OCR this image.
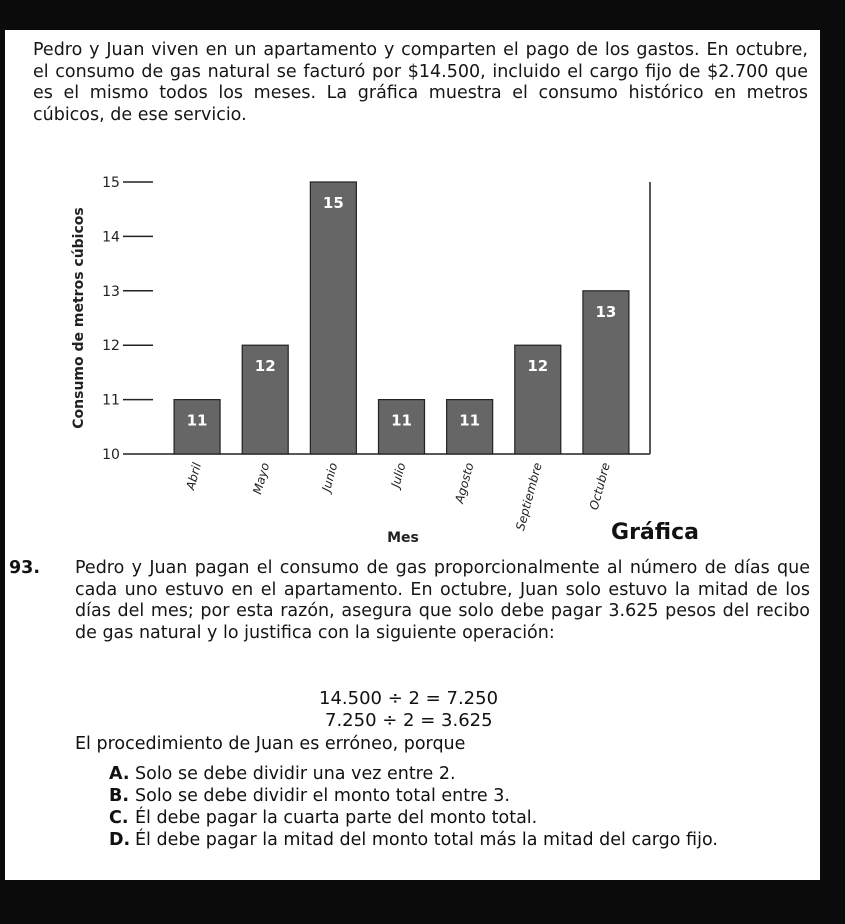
Pedro y Juan viven en un apartamento y comparten el pago de los gastos. En octubre, el consumo de gas natural se facturó por $14.500, incluido el cargo fijo de $2.700 que es el mismo todos los meses. La gráfica muestra el consumo histórico en metros cúbicos, de ese servicio.

10
11
12
13
14
15
Consumo de metros cúbicos	11
Abril
12
Mayo
15
Junio
11
Julio
11
Agosto
12
Septiembre
13
Octubre
Mes	Gráfica
93. Pedro y Juan pagan el consumo de gas proporcionalmente al número de días que cada uno estuvo en el apartamento. En octubre, Juan solo estuvo la mitad de los días del mes; por esta razón, asegura que solo debe pagar 3.625 pesos del recibo de gas natural y lo justifica con la siguiente operación:

14.500 ÷ 2 = 7.250
7.250 ÷ 2 = 3.625
El procedimiento de Juan es erróneo, porque
A. Solo se debe dividir una vez entre 2.
B. Solo se debe dividir el monto total entre 3.
C. Él debe pagar la cuarta parte del monto total.
D. Él debe pagar la mitad del monto total más la mitad del cargo fijo.
